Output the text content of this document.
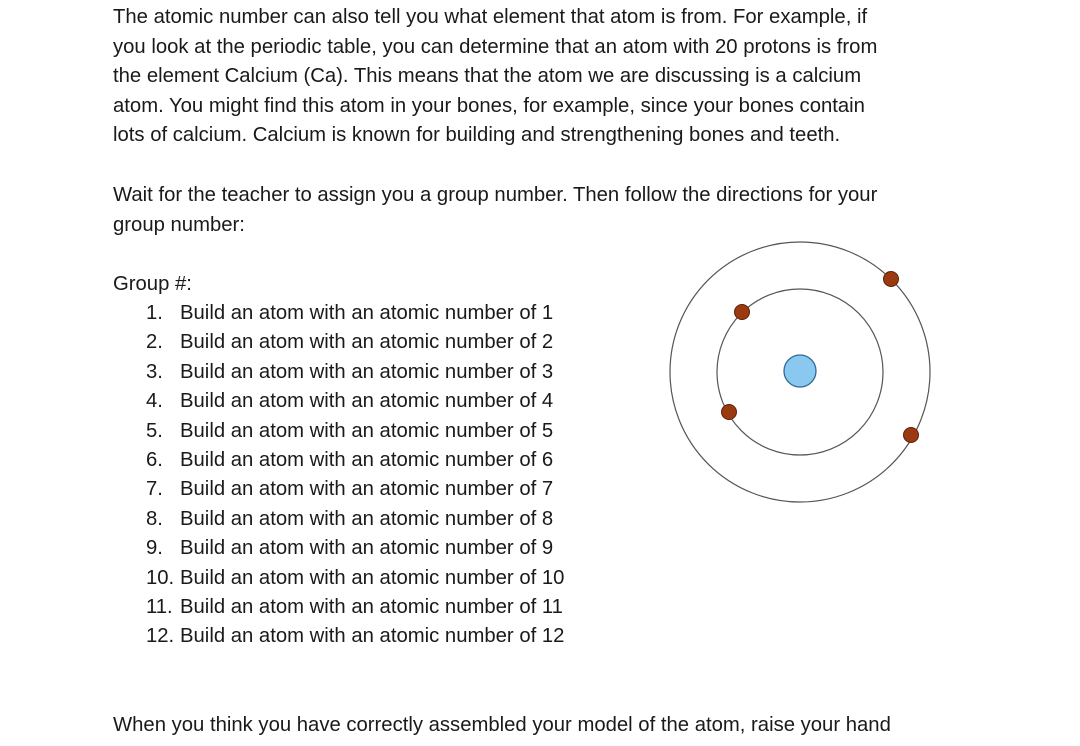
The atomic number can also tell you what element that atom is from. For example, if
you look at the periodic table, you can determine that an atom with 20 protons is from
the element Calcium (Ca). This means that the atom we are discussing is a calcium
atom. You might find this atom in your bones, for example, since your bones contain
lots of calcium. Calcium is known for building and strengthening bones and teeth.

Wait for the teacher to assign you a group number. Then follow the directions for your
group number:

Group #:

1. Build an atom with an atomic number of 1
2. Build an atom with an atomic number of 2
3. Build an atom with an atomic number of 3
4. Build an atom with an atomic number of 4
5. Build an atom with an atomic number of 5
6. Build an atom with an atomic number of 6
7. Build an atom with an atomic number of 7
8. Build an atom with an atomic number of 8
9. Build an atom with an atomic number of 9
10. Build an atom with an atomic number of 10
11. Build an atom with an atomic number of 11
12. Build an atom with an atomic number of 12

When you think you have correctly assembled your model of the atom, raise your hand
